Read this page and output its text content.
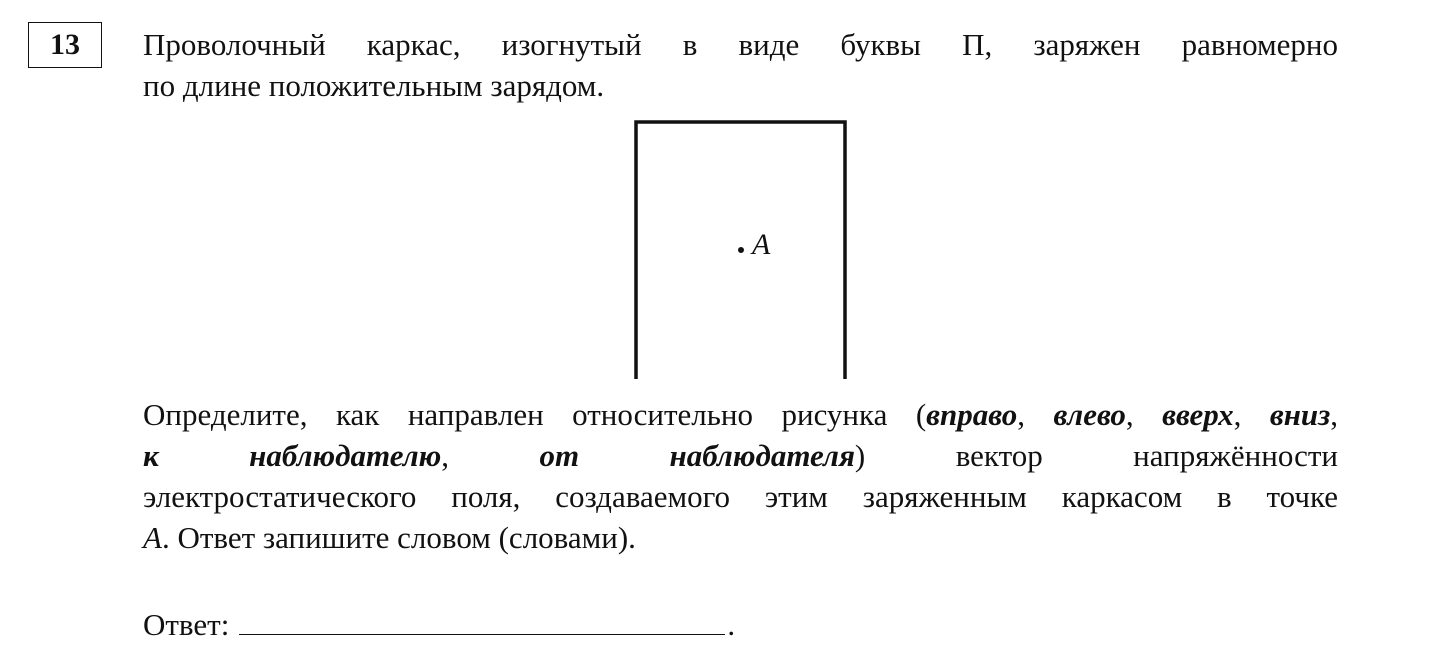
13 Проволочный каркас, изогнутый в виде буквы П, заряжен равномерно
по длине положительным зарядом.
A
Определите, как направлен относительно рисунка (вправо, влево, вверх, вниз,
к наблюдателю, от наблюдателя) вектор напряжённости
электростатического поля, создаваемого этим заряженным каркасом в точке
A. Ответ запишите словом (словами).
Ответ:	.
